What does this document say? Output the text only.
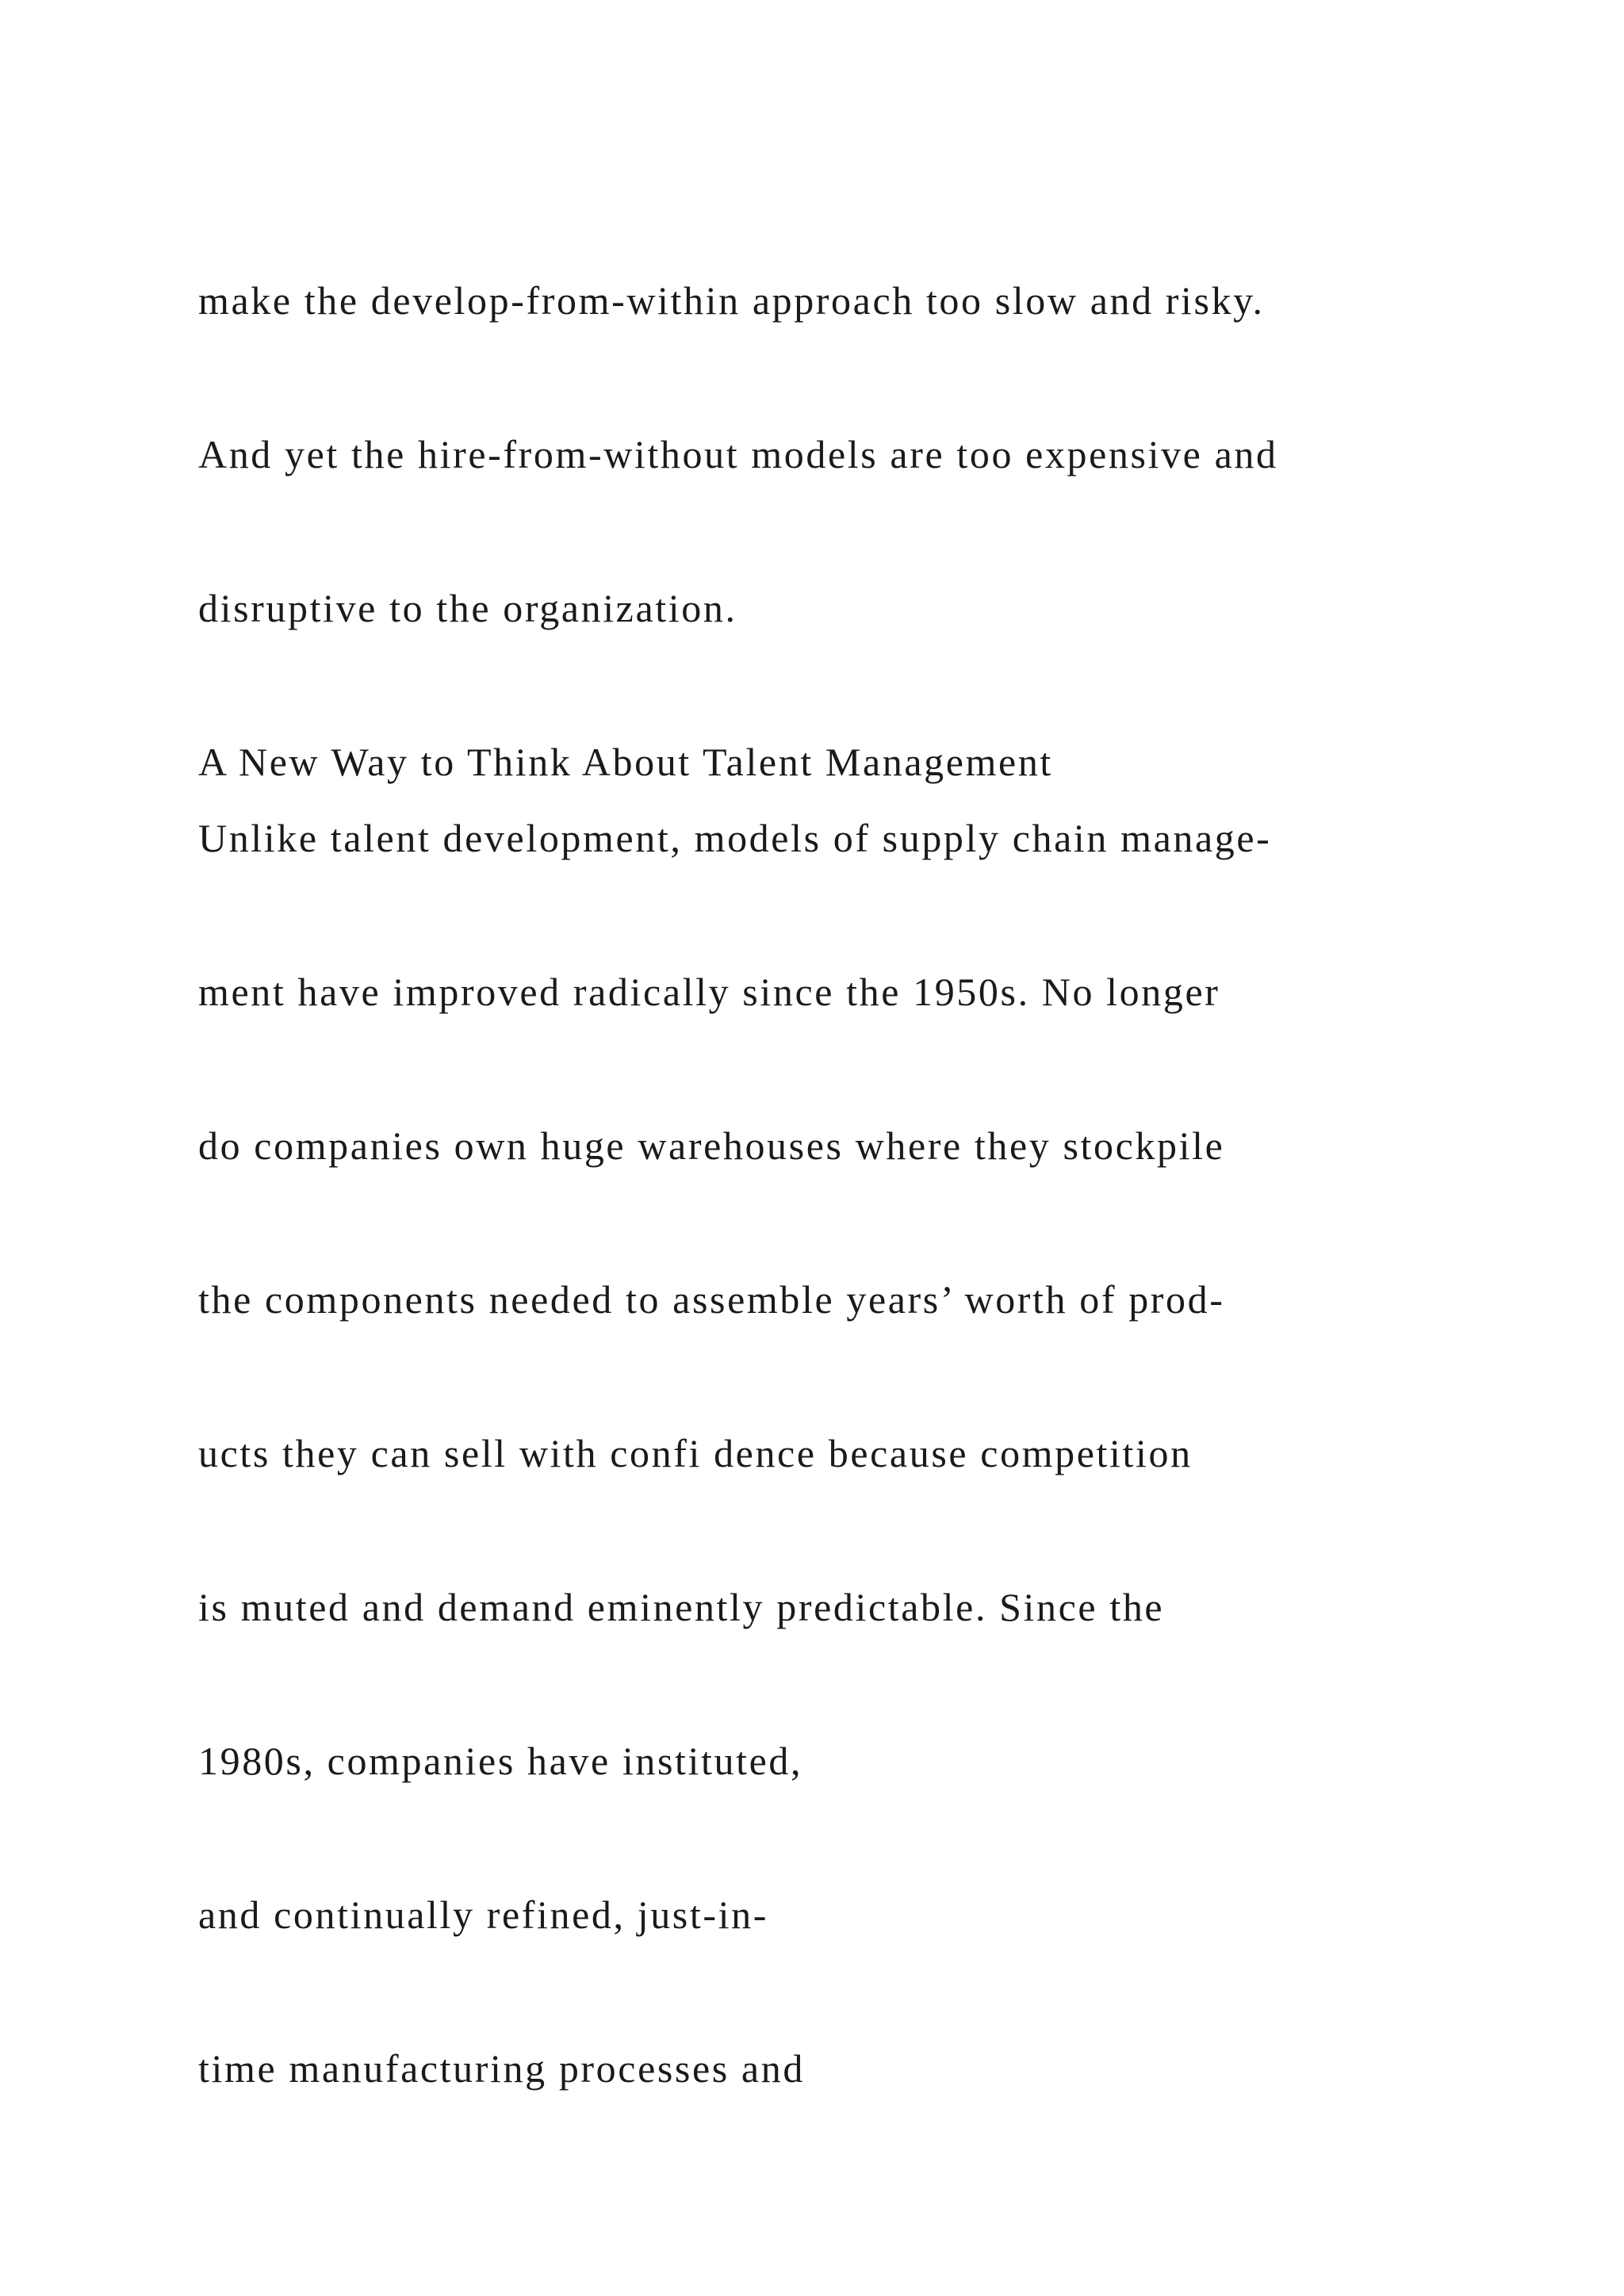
make the develop-from-within approach too slow and risky.

And yet the hire-from-without models are too expensive and

disruptive to the organization.

A New Way to Think About Talent Management

Unlike talent development, models of supply chain manage-

ment have improved radically since the 1950s. No longer

do companies own huge warehouses where they stockpile

the components needed to assemble years’ worth of prod-

ucts they can sell with confi dence because competition

is muted and demand eminently predictable. Since the

1980s, companies have instituted,

and continually refined, just-in-

time manufacturing processes and
